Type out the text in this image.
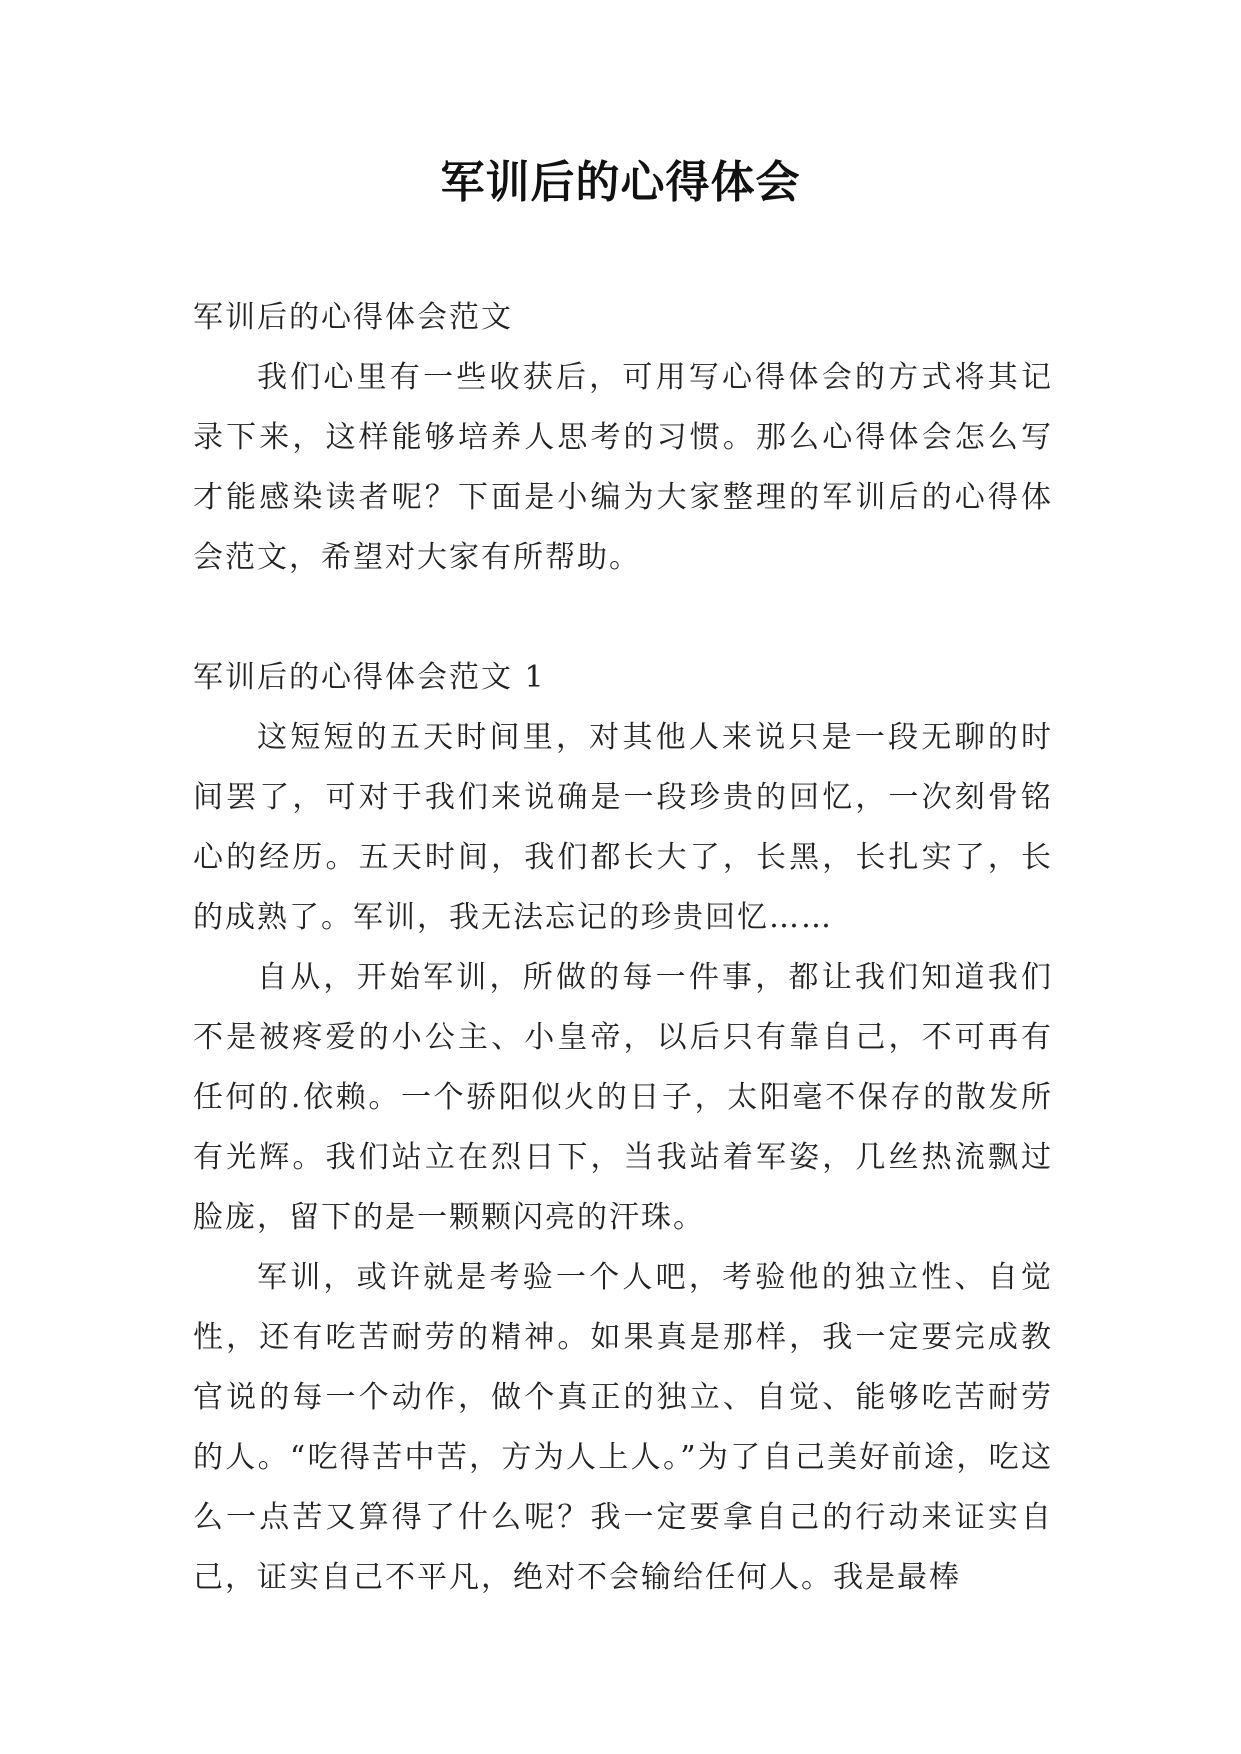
军训后的心得体会

军训后的心得体会范文

我们心里有一些收获后，可用写心得体会的方式将其记录下来，这样能够培养人思考的习惯。那么心得体会怎么写才能感染读者呢？下面是小编为大家整理的军训后的心得体会范文，希望对大家有所帮助。

军训后的心得体会范文 1

这短短的五天时间里，对其他人来说只是一段无聊的时间罢了，可对于我们来说确是一段珍贵的回忆，一次刻骨铭心的经历。五天时间，我们都长大了，长黑，长扎实了，长的成熟了。军训，我无法忘记的珍贵回忆……

自从，开始军训，所做的每一件事，都让我们知道我们不是被疼爱的小公主、小皇帝，以后只有靠自己，不可再有任何的.依赖。一个骄阳似火的日子，太阳毫不保存的散发所有光辉。我们站立在烈日下，当我站着军姿，几丝热流飘过脸庞，留下的是一颗颗闪亮的汗珠。

军训，或许就是考验一个人吧，考验他的独立性、自觉性，还有吃苦耐劳的精神。如果真是那样，我一定要完成教官说的每一个动作，做个真正的独立、自觉、能够吃苦耐劳的人。“吃得苦中苦，方为人上人。”为了自己美好前途，吃这么一点苦又算得了什么呢？我一定要拿自己的行动来证实自己，证实自己不平凡，绝对不会输给任何人。我是最棒
